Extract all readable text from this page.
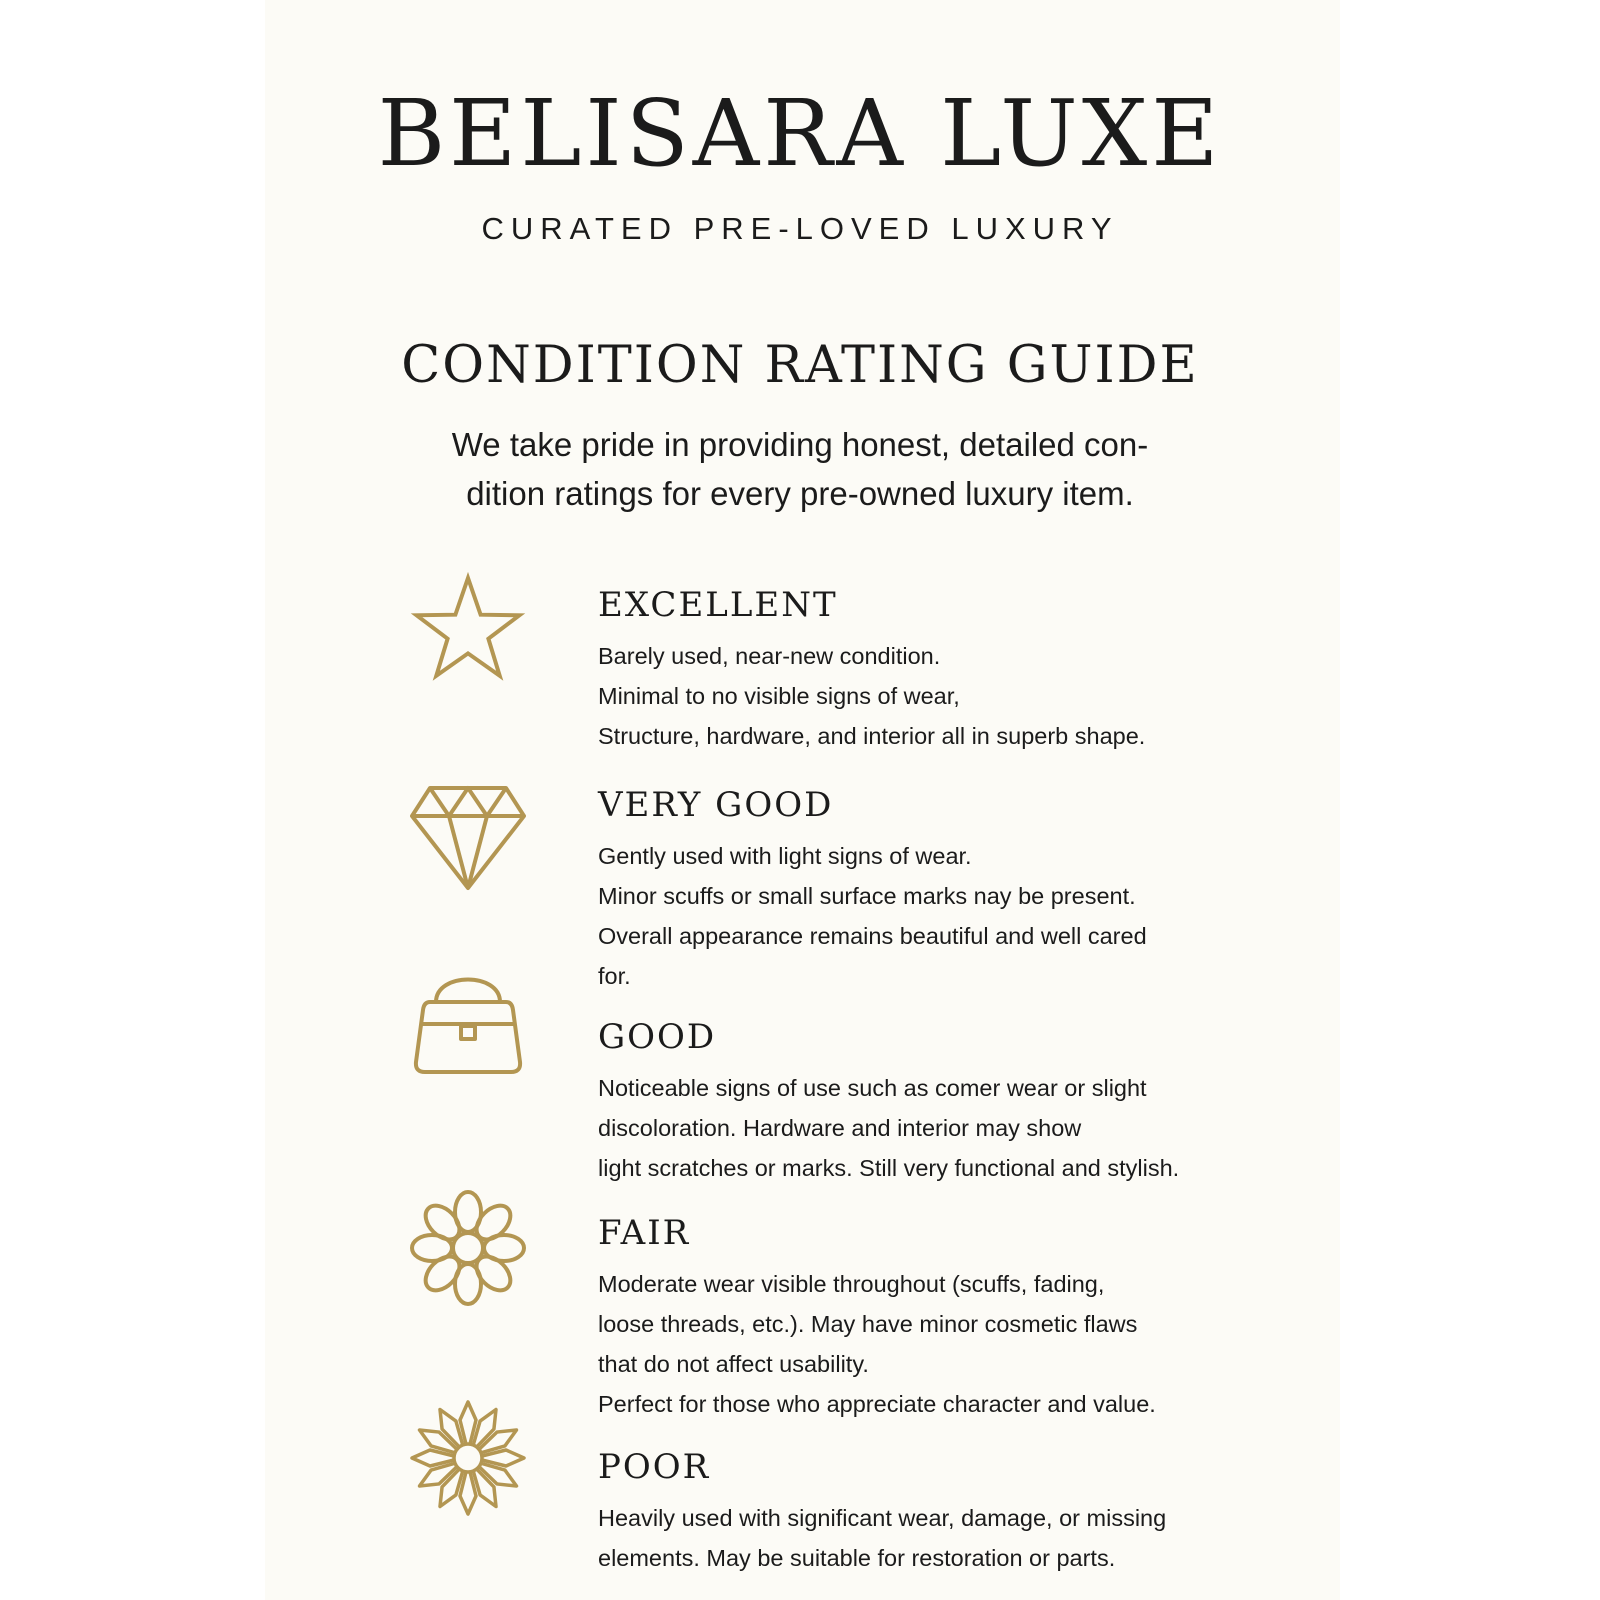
BELISARA LUXE
CURATED PRE-LOVED LUXURY
CONDITION RATING GUIDE

We take pride in providing honest, detailed con-
dition ratings for every pre-owned luxury item.

EXCELLENT

Barely used, near-new condition.
Minimal to no visible signs of wear,
Structure, hardware, and interior all in superb shape.

VERY GOOD

Gently used with light signs of wear.
Minor scuffs or small surface marks nay be present.
Overall appearance remains beautiful and well cared
for.

GOOD

Noticeable signs of use such as comer wear or slight
discoloration. Hardware and interior may show
light scratches or marks. Still very functional and stylish.

FAIR

Moderate wear visible throughout (scuffs, fading,
loose threads, etc.). May have minor cosmetic flaws
that do not affect usability.
Perfect for those who appreciate character and value.

POOR

Heavily used with significant wear, damage, or missing
elements. May be suitable for restoration or parts.
